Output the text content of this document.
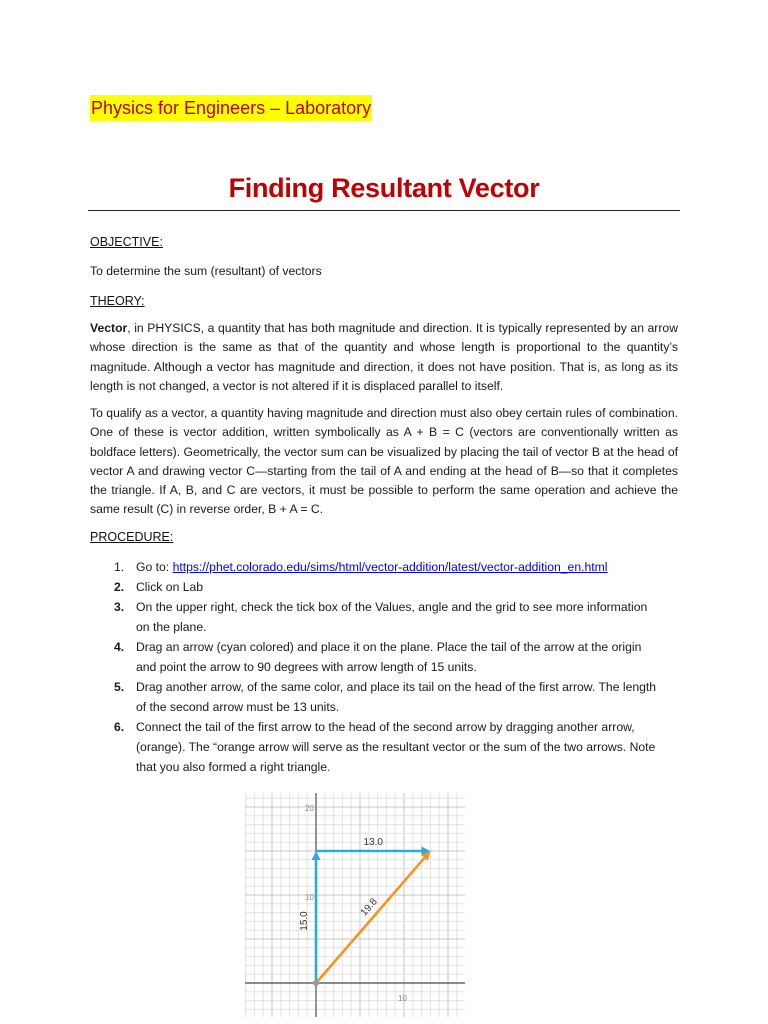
Physics for Engineers – Laboratory
Finding Resultant Vector
OBJECTIVE:
To determine the sum (resultant) of vectors
THEORY:
Vector, in PHYSICS, a quantity that has both magnitude and direction. It is typically represented by an arrow whose direction is the same as that of the quantity and whose length is proportional to the quantity’s magnitude. Although a vector has magnitude and direction, it does not have position. That is, as long as its length is not changed, a vector is not altered if it is displaced parallel to itself.
To qualify as a vector, a quantity having magnitude and direction must also obey certain rules of combination. One of these is vector addition, written symbolically as A + B = C (vectors are conventionally written as boldface letters). Geometrically, the vector sum can be visualized by placing the tail of vector B at the head of vector A and drawing vector C—starting from the tail of A and ending at the head of B—so that it completes the triangle. If A, B, and C are vectors, it must be possible to perform the same operation and achieve the same result (C) in reverse order, B + A = C.
PROCEDURE:
1. Go to: https://phet.colorado.edu/sims/html/vector-addition/latest/vector-addition_en.html
2. Click on Lab
3. On the upper right, check the tick box of the Values, angle and the grid to see more information on the plane.
4. Drag an arrow (cyan colored) and place it on the plane. Place the tail of the arrow at the origin and point the arrow to 90 degrees with arrow length of 15 units.
5. Drag another arrow, of the same color, and place its tail on the head of the first arrow. The length of the second arrow must be 13 units.
6. Connect the tail of the first arrow to the head of the second arrow by dragging another arrow,(orange). The “orange arrow will serve as the resultant vector or the sum of the two arrows. Note that you also formed a right triangle.
20
10
10
15.0
13.0
19.8
